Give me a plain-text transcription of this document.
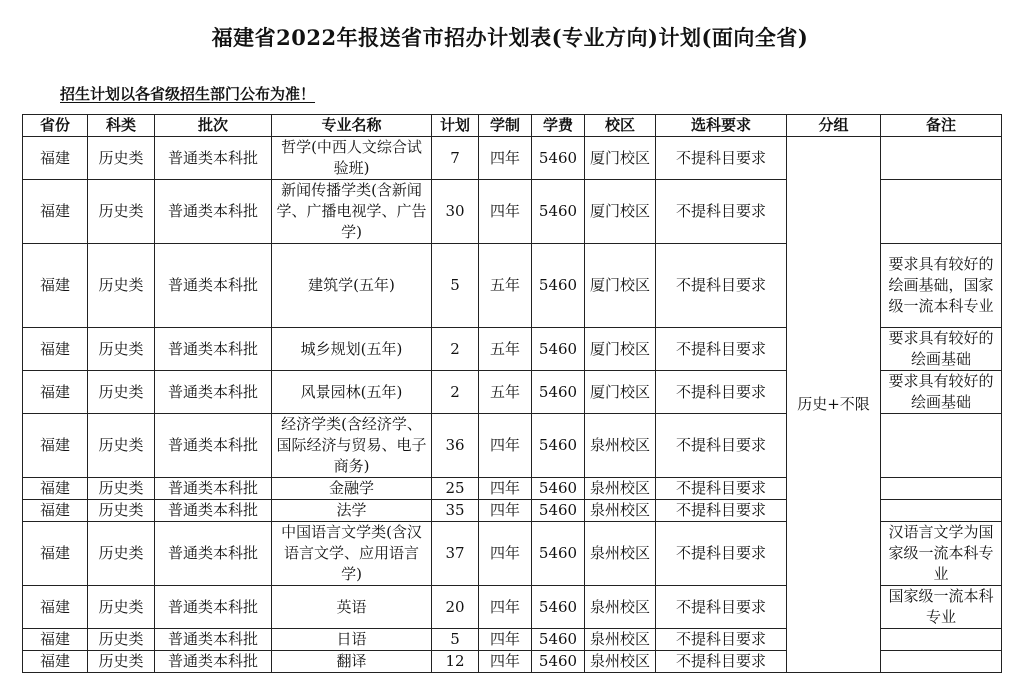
福建省2022年报送省市招办计划表(专业方向)计划(面向全省)
招生计划以各省级招生部门公布为准！
省份	科类	批次	专业名称	计划	学制	学费	校区	选科要求	分组	备注
福建	历史类	普通类本科批	哲学(中西人文综合试验班)	7	四年	5460	厦门校区	不提科目要求	历史+不限	
福建	历史类	普通类本科批	新闻传播学类(含新闻学、广播电视学、广告学)	30	四年	5460	厦门校区	不提科目要求		
福建	历史类	普通类本科批	建筑学(五年)	5	五年	5460	厦门校区	不提科目要求		要求具有较好的绘画基础，国家级一流本科专业
福建	历史类	普通类本科批	城乡规划(五年)	2	五年	5460	厦门校区	不提科目要求		要求具有较好的绘画基础
福建	历史类	普通类本科批	风景园林(五年)	2	五年	5460	厦门校区	不提科目要求		要求具有较好的绘画基础
福建	历史类	普通类本科批	经济学类(含经济学、国际经济与贸易、电子商务)	36	四年	5460	泉州校区	不提科目要求		
福建	历史类	普通类本科批	金融学	25	四年	5460	泉州校区	不提科目要求		
福建	历史类	普通类本科批	法学	35	四年	5460	泉州校区	不提科目要求		
福建	历史类	普通类本科批	中国语言文学类(含汉语言文学、应用语言学)	37	四年	5460	泉州校区	不提科目要求		汉语言文学为国家级一流本科专业
福建	历史类	普通类本科批	英语	20	四年	5460	泉州校区	不提科目要求		国家级一流本科专业
福建	历史类	普通类本科批	日语	5	四年	5460	泉州校区	不提科目要求		
福建	历史类	普通类本科批	翻译	12	四年	5460	泉州校区	不提科目要求		
